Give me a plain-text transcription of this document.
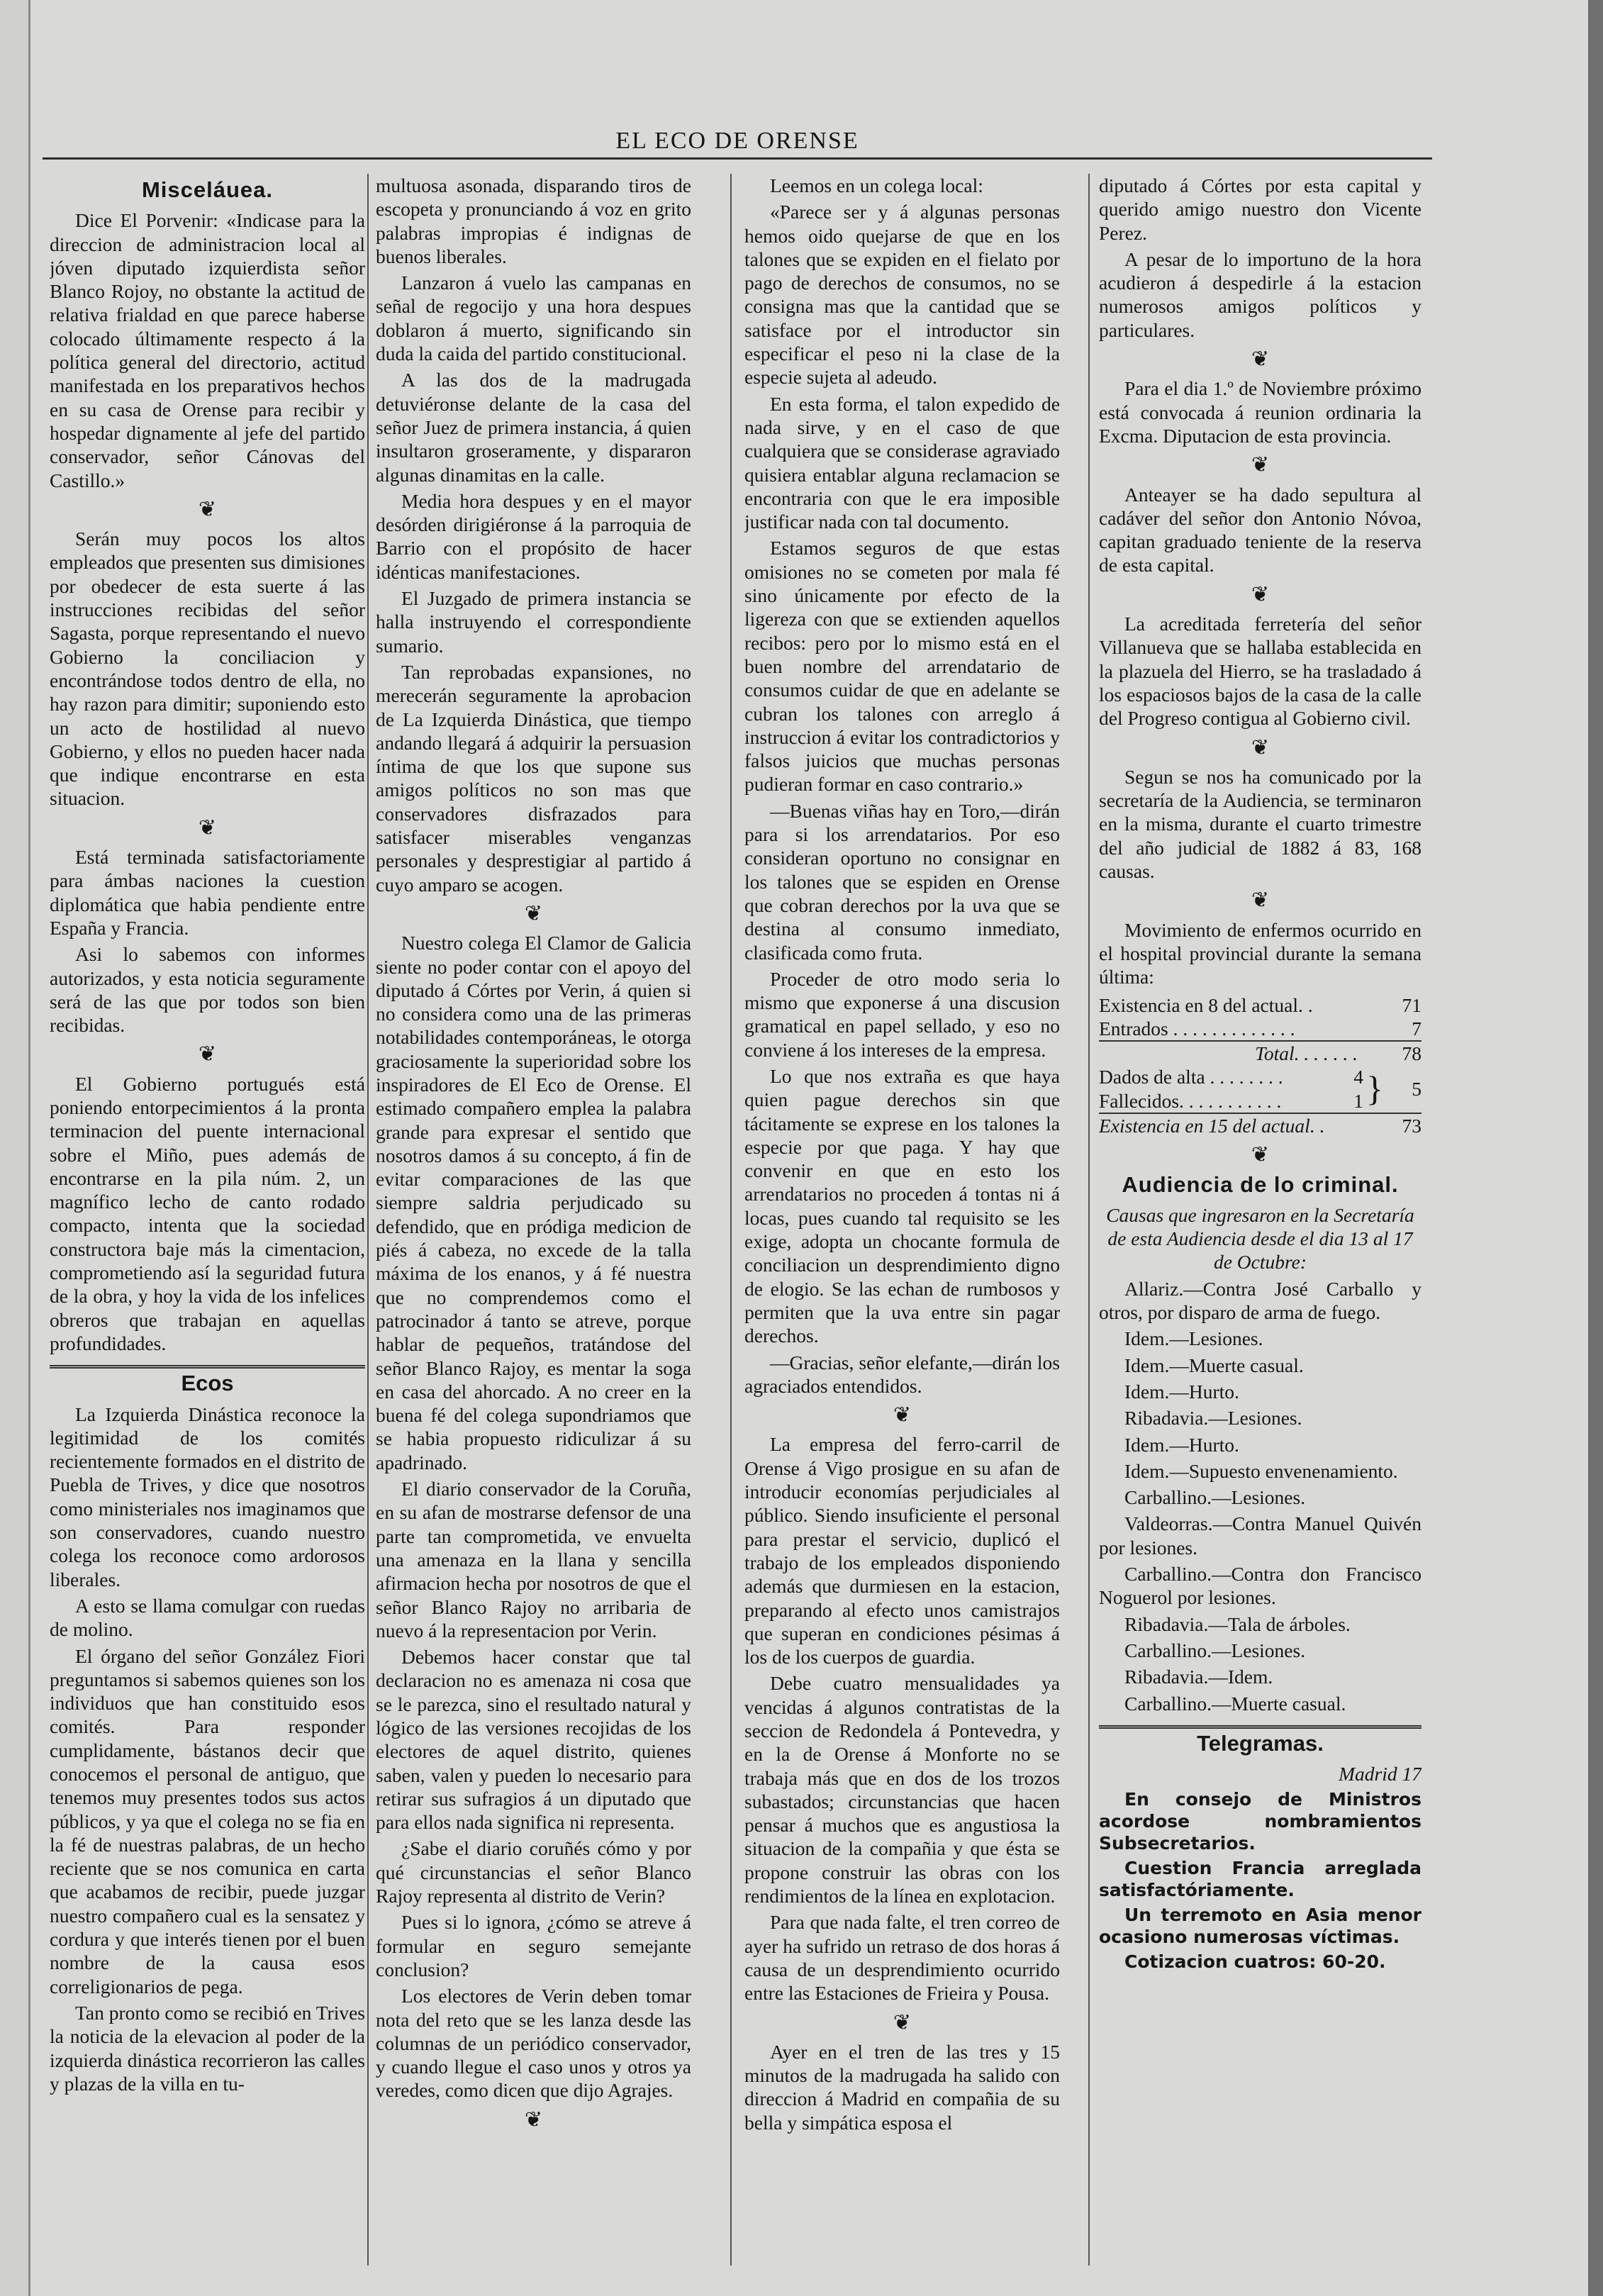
EL ECO DE ORENSE
Misceláuea.

Dice El Porvenir: «Indicase para la direccion de administracion local al jóven diputado izquierdista señor Blanco Rojoy, no obstante la actitud de relativa frialdad en que parece haberse colocado últimamente respecto á la política general del directorio, actitud manifestada en los preparativos hechos en su casa de Orense para recibir y hospedar dignamente al jefe del partido conservador, señor Cánovas del Castillo.»

❦

Serán muy pocos los altos empleados que presenten sus dimisiones por obedecer de esta suerte á las instrucciones recibidas del señor Sagasta, porque representando el nuevo Gobierno la conciliacion y encontrándose todos dentro de ella, no hay razon para dimitir; suponiendo esto un acto de hostilidad al nuevo Gobierno, y ellos no pueden hacer nada que indique encontrarse en esta situacion.

❦

Está terminada satisfactoriamente para ámbas naciones la cuestion diplomática que habia pendiente entre España y Francia.

Asi lo sabemos con informes autorizados, y esta noticia seguramente será de las que por todos son bien recibidas.

❦

El Gobierno portugués está poniendo entorpecimientos á la pronta terminacion del puente internacional sobre el Miño, pues además de encontrarse en la pila núm. 2, un magnífico lecho de canto rodado compacto, intenta que la sociedad constructora baje más la cimentacion, comprometiendo así la seguridad futura de la obra, y hoy la vida de los infelices obreros que trabajan en aquellas profundidades.

Ecos

La Izquierda Dinástica reconoce la legitimidad de los comités recientemente formados en el distrito de Puebla de Trives, y dice que nosotros como ministeriales nos imaginamos que son conservadores, cuando nuestro colega los reconoce como ardorosos liberales.

A esto se llama comulgar con ruedas de molino.

El órgano del señor González Fiori preguntamos si sabemos quienes son los individuos que han constituido esos comités. Para responder cumplidamente, bástanos decir que conocemos el personal de antiguo, que tenemos muy presentes todos sus actos públicos, y ya que el colega no se fia en la fé de nuestras palabras, de un hecho reciente que se nos comunica en carta que acabamos de recibir, puede juzgar nuestro compañero cual es la sensatez y cordura y que interés tienen por el buen nombre de la causa esos correligionarios de pega.

Tan pronto como se recibió en Trives la noticia de la elevacion al poder de la izquierda dinástica recorrieron las calles y plazas de la villa en tu-

multuosa asonada, disparando tiros de escopeta y pronunciando á voz en grito palabras impropias é indignas de buenos liberales.

Lanzaron á vuelo las campanas en señal de regocijo y una hora despues doblaron á muerto, significando sin duda la caida del partido constitucional.

A las dos de la madrugada detuviéronse delante de la casa del señor Juez de primera instancia, á quien insultaron groseramente, y dispararon algunas dinamitas en la calle.

Media hora despues y en el mayor desórden dirigiéronse á la parroquia de Barrio con el propósito de hacer idénticas manifestaciones.

El Juzgado de primera instancia se halla instruyendo el correspondiente sumario.

Tan reprobadas expansiones, no merecerán seguramente la aprobacion de La Izquierda Dinástica, que tiempo andando llegará á adquirir la persuasion íntima de que los que supone sus amigos políticos no son mas que conservadores disfrazados para satisfacer miserables venganzas personales y desprestigiar al partido á cuyo amparo se acogen.

❦

Nuestro colega El Clamor de Galicia siente no poder contar con el apoyo del diputado á Córtes por Verin, á quien si no considera como una de las primeras notabilidades contemporáneas, le otorga graciosamente la superioridad sobre los inspiradores de El Eco de Orense. El estimado compañero emplea la palabra grande para expresar el sentido que nosotros damos á su concepto, á fin de evitar comparaciones de las que siempre saldria perjudicado su defendido, que en pródiga medicion de piés á cabeza, no excede de la talla máxima de los enanos, y á fé nuestra que no comprendemos como el patrocinador á tanto se atreve, porque hablar de pequeños, tratándose del señor Blanco Rajoy, es mentar la soga en casa del ahorcado. A no creer en la buena fé del colega supondriamos que se habia propuesto ridiculizar á su apadrinado.

El diario conservador de la Coruña, en su afan de mostrarse defensor de una parte tan comprometida, ve envuelta una amenaza en la llana y sencilla afirmacion hecha por nosotros de que el señor Blanco Rajoy no arribaria de nuevo á la representacion por Verin.

Debemos hacer constar que tal declaracion no es amenaza ni cosa que se le parezca, sino el resultado natural y lógico de las versiones recojidas de los electores de aquel distrito, quienes saben, valen y pueden lo necesario para retirar sus sufragios á un diputado que para ellos nada significa ni representa.

¿Sabe el diario coruñés cómo y por qué circunstancias el señor Blanco Rajoy representa al distrito de Verin?

Pues si lo ignora, ¿cómo se atreve á formular en seguro semejante conclusion?

Los electores de Verin deben tomar nota del reto que se les lanza desde las columnas de un periódico conservador, y cuando llegue el caso unos y otros ya veredes, como dicen que dijo Agrajes.

❦

Leemos en un colega local:

«Parece ser y á algunas personas hemos oido quejarse de que en los talones que se expiden en el fielato por pago de derechos de consumos, no se consigna mas que la cantidad que se satisface por el introductor sin especificar el peso ni la clase de la especie sujeta al adeudo.

En esta forma, el talon expedido de nada sirve, y en el caso de que cualquiera que se considerase agraviado quisiera entablar alguna reclamacion se encontraria con que le era imposible justificar nada con tal documento.

Estamos seguros de que estas omisiones no se cometen por mala fé sino únicamente por efecto de la ligereza con que se extienden aquellos recibos: pero por lo mismo está en el buen nombre del arrendatario de consumos cuidar de que en adelante se cubran los talones con arreglo á instruccion á evitar los contradictorios y falsos juicios que muchas personas pudieran formar en caso contrario.»

—Buenas viñas hay en Toro,—dirán para si los arrendatarios. Por eso consideran oportuno no consignar en los talones que se espiden en Orense que cobran derechos por la uva que se destina al consumo inmediato, clasificada como fruta.

Proceder de otro modo seria lo mismo que exponerse á una discusion gramatical en papel sellado, y eso no conviene á los intereses de la empresa.

Lo que nos extraña es que haya quien pague derechos sin que tácitamente se exprese en los talones la especie por que paga. Y hay que convenir en que en esto los arrendatarios no proceden á tontas ni á locas, pues cuando tal requisito se les exige, adopta un chocante formula de conciliacion un desprendimiento digno de elogio. Se las echan de rumbosos y permiten que la uva entre sin pagar derechos.

—Gracias, señor elefante,—dirán los agraciados entendidos.

❦

La empresa del ferro-carril de Orense á Vigo prosigue en su afan de introducir economías perjudiciales al público. Siendo insuficiente el personal para prestar el servicio, duplicó el trabajo de los empleados disponiendo además que durmiesen en la estacion, preparando al efecto unos camistrajos que superan en condiciones pésimas á los de los cuerpos de guardia.

Debe cuatro mensualidades ya vencidas á algunos contratistas de la seccion de Redondela á Pontevedra, y en la de Orense á Monforte no se trabaja más que en dos de los trozos subastados; circunstancias que hacen pensar á muchos que es angustiosa la situacion de la compañia y que ésta se propone construir las obras con los rendimientos de la línea en explotacion.

Para que nada falte, el tren correo de ayer ha sufrido un retraso de dos horas á causa de un desprendimiento ocurrido entre las Estaciones de Frieira y Pousa.

❦

Ayer en el tren de las tres y 15 minutos de la madrugada ha salido con direccion á Madrid en compañia de su bella y simpática esposa el

diputado á Córtes por esta capital y querido amigo nuestro don Vicente Perez.

A pesar de lo importuno de la hora acudieron á despedirle á la estacion numerosos amigos políticos y particulares.

❦

Para el dia 1.º de Noviembre próximo está convocada á reunion ordinaria la Excma. Diputacion de esta provincia.

❦

Anteayer se ha dado sepultura al cadáver del señor don Antonio Nóvoa, capitan graduado teniente de la reserva de esta capital.

❦

La acreditada ferretería del señor Villanueva que se hallaba establecida en la plazuela del Hierro, se ha trasladado á los espaciosos bajos de la casa de la calle del Progreso contigua al Gobierno civil.

❦

Segun se nos ha comunicado por la secretaría de la Audiencia, se terminaron en la misma, durante el cuarto trimestre del año judicial de 1882 á 83, 168 causas.

❦

Movimiento de enfermos ocurrido en el hospital provincial durante la semana última:

Existencia en 8 del actual. .	71
Entrados . . . . . . . . . . . . .	7
Total. . . . . . .	78
Dados de alta . . . . . . . .	4
Fallecidos. . . . . . . . . . .	1 }	5
Existencia en 15 del actual. .	73
❦
Audiencia de lo criminal.

Causas que ingresaron en la Secretaría de esta Audiencia desde el dia 13 al 17 de Octubre:

Allariz.—Contra José Carballo y otros, por disparo de arma de fuego.

Idem.—Lesiones.

Idem.—Muerte casual.

Idem.—Hurto.

Ribadavia.—Lesiones.

Idem.—Hurto.

Idem.—Supuesto envenenamiento.

Carballino.—Lesiones.

Valdeorras.—Contra Manuel Quivén por lesiones.

Carballino.—Contra don Francisco Noguerol por lesiones.

Ribadavia.—Tala de árboles.

Carballino.—Lesiones.

Ribadavia.—Idem.

Carballino.—Muerte casual.

Telegramas.

Madrid 17

En consejo de Ministros acordose nombramientos Subsecretarios.

Cuestion Francia arreglada satisfactóriamente.

Un terremoto en Asia menor ocasiono numerosas víctimas.

Cotizacion cuatros: 60-20.
